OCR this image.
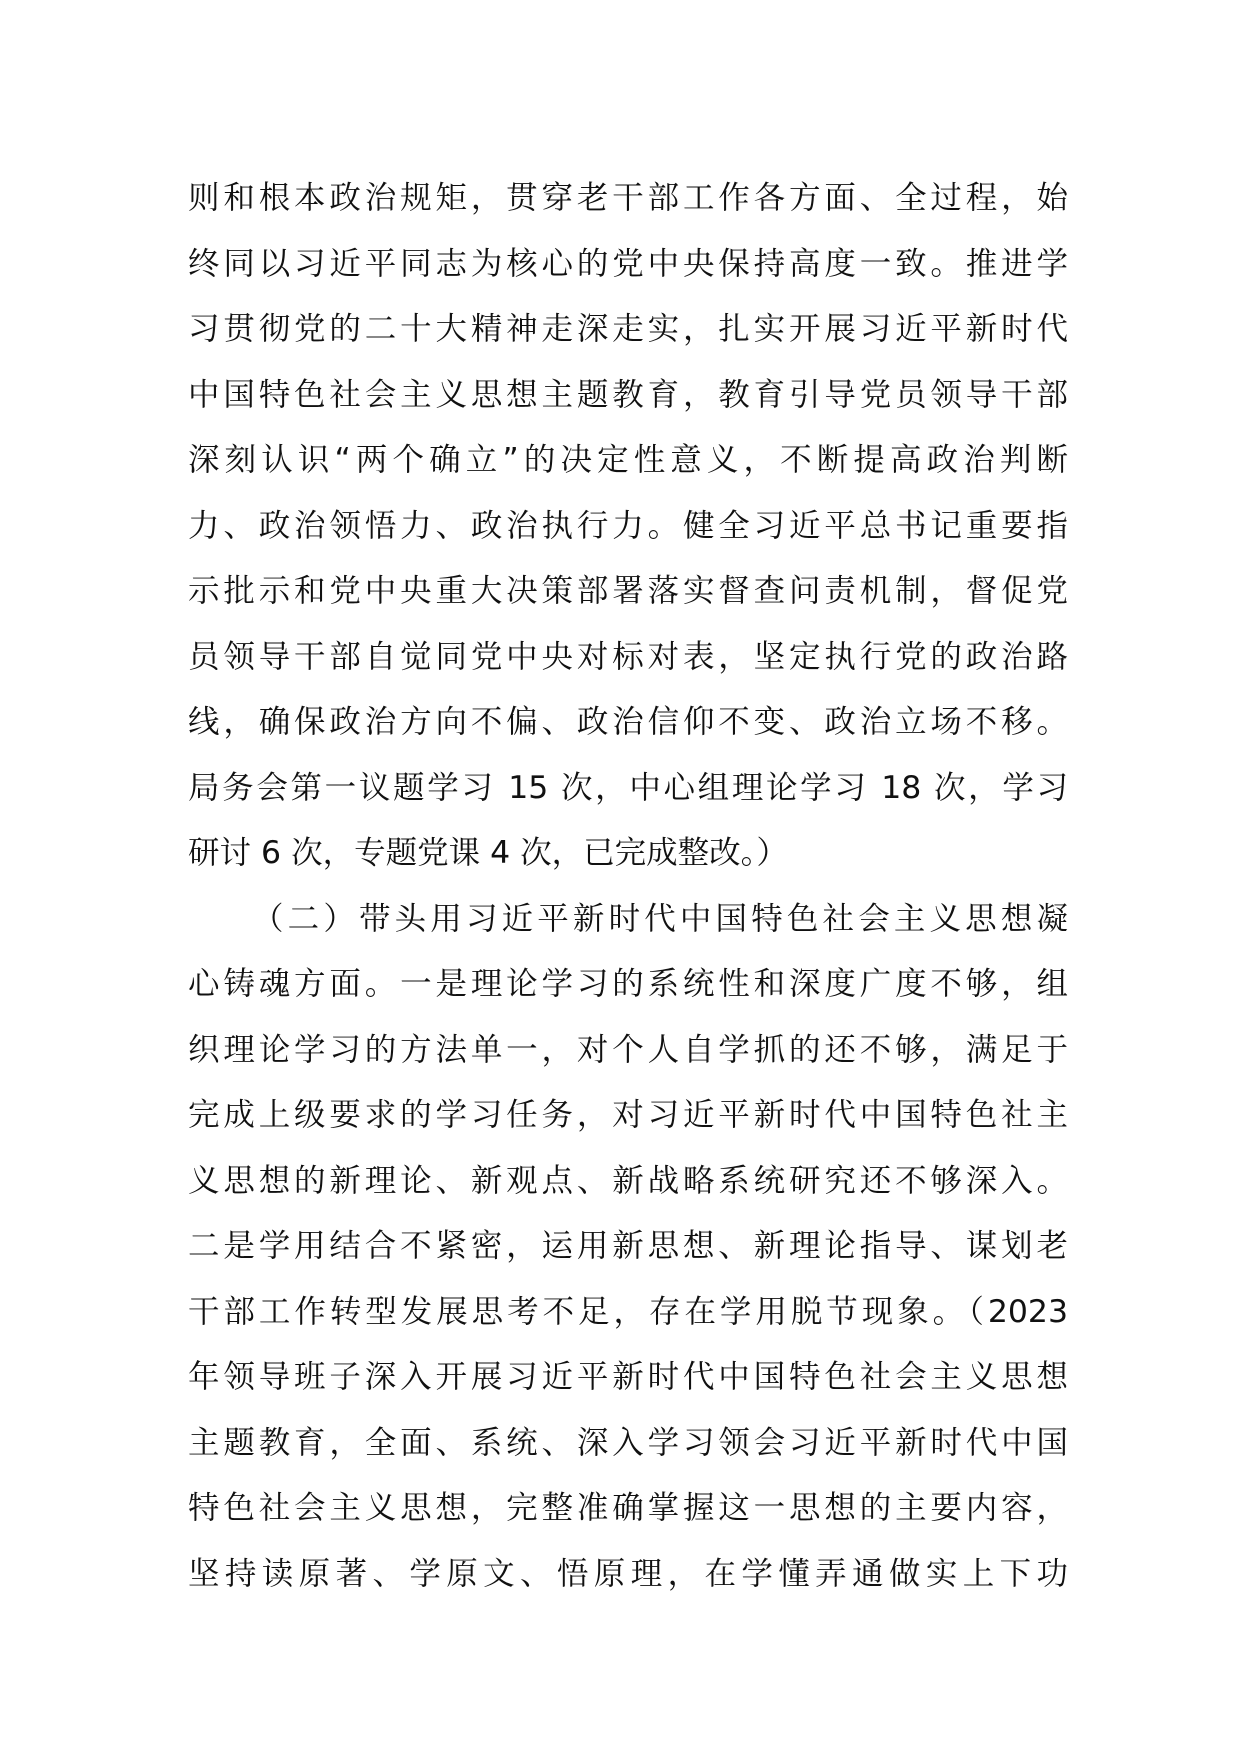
则和根本政治规矩，贯穿老干部工作各方面、全过程，始
终同以习近平同志为核心的党中央保持高度一致。推进学
习贯彻党的二十大精神走深走实，扎实开展习近平新时代
中国特色社会主义思想主题教育，教育引导党员领导干部
深刻认识“两个确立”的决定性意义，不断提高政治判断
力、政治领悟力、政治执行力。健全习近平总书记重要指
示批示和党中央重大决策部署落实督查问责机制，督促党
员领导干部自觉同党中央对标对表，坚定执行党的政治路
线，确保政治方向不偏、政治信仰不变、政治立场不移。
局务会第一议题学习 15 次，中心组理论学习 18 次，学习
研讨 6 次，专题党课 4 次，已完成整改。）
（二）带头用习近平新时代中国特色社会主义思想凝
心铸魂方面。一是理论学习的系统性和深度广度不够，组
织理论学习的方法单一，对个人自学抓的还不够，满足于
完成上级要求的学习任务，对习近平新时代中国特色社主
义思想的新理论、新观点、新战略系统研究还不够深入。
二是学用结合不紧密，运用新思想、新理论指导、谋划老
干部工作转型发展思考不足，存在学用脱节现象。（2023
年领导班子深入开展习近平新时代中国特色社会主义思想
主题教育，全面、系统、深入学习领会习近平新时代中国
特色社会主义思想，完整准确掌握这一思想的主要内容，
坚持读原著、学原文、悟原理，在学懂弄通做实上下功
